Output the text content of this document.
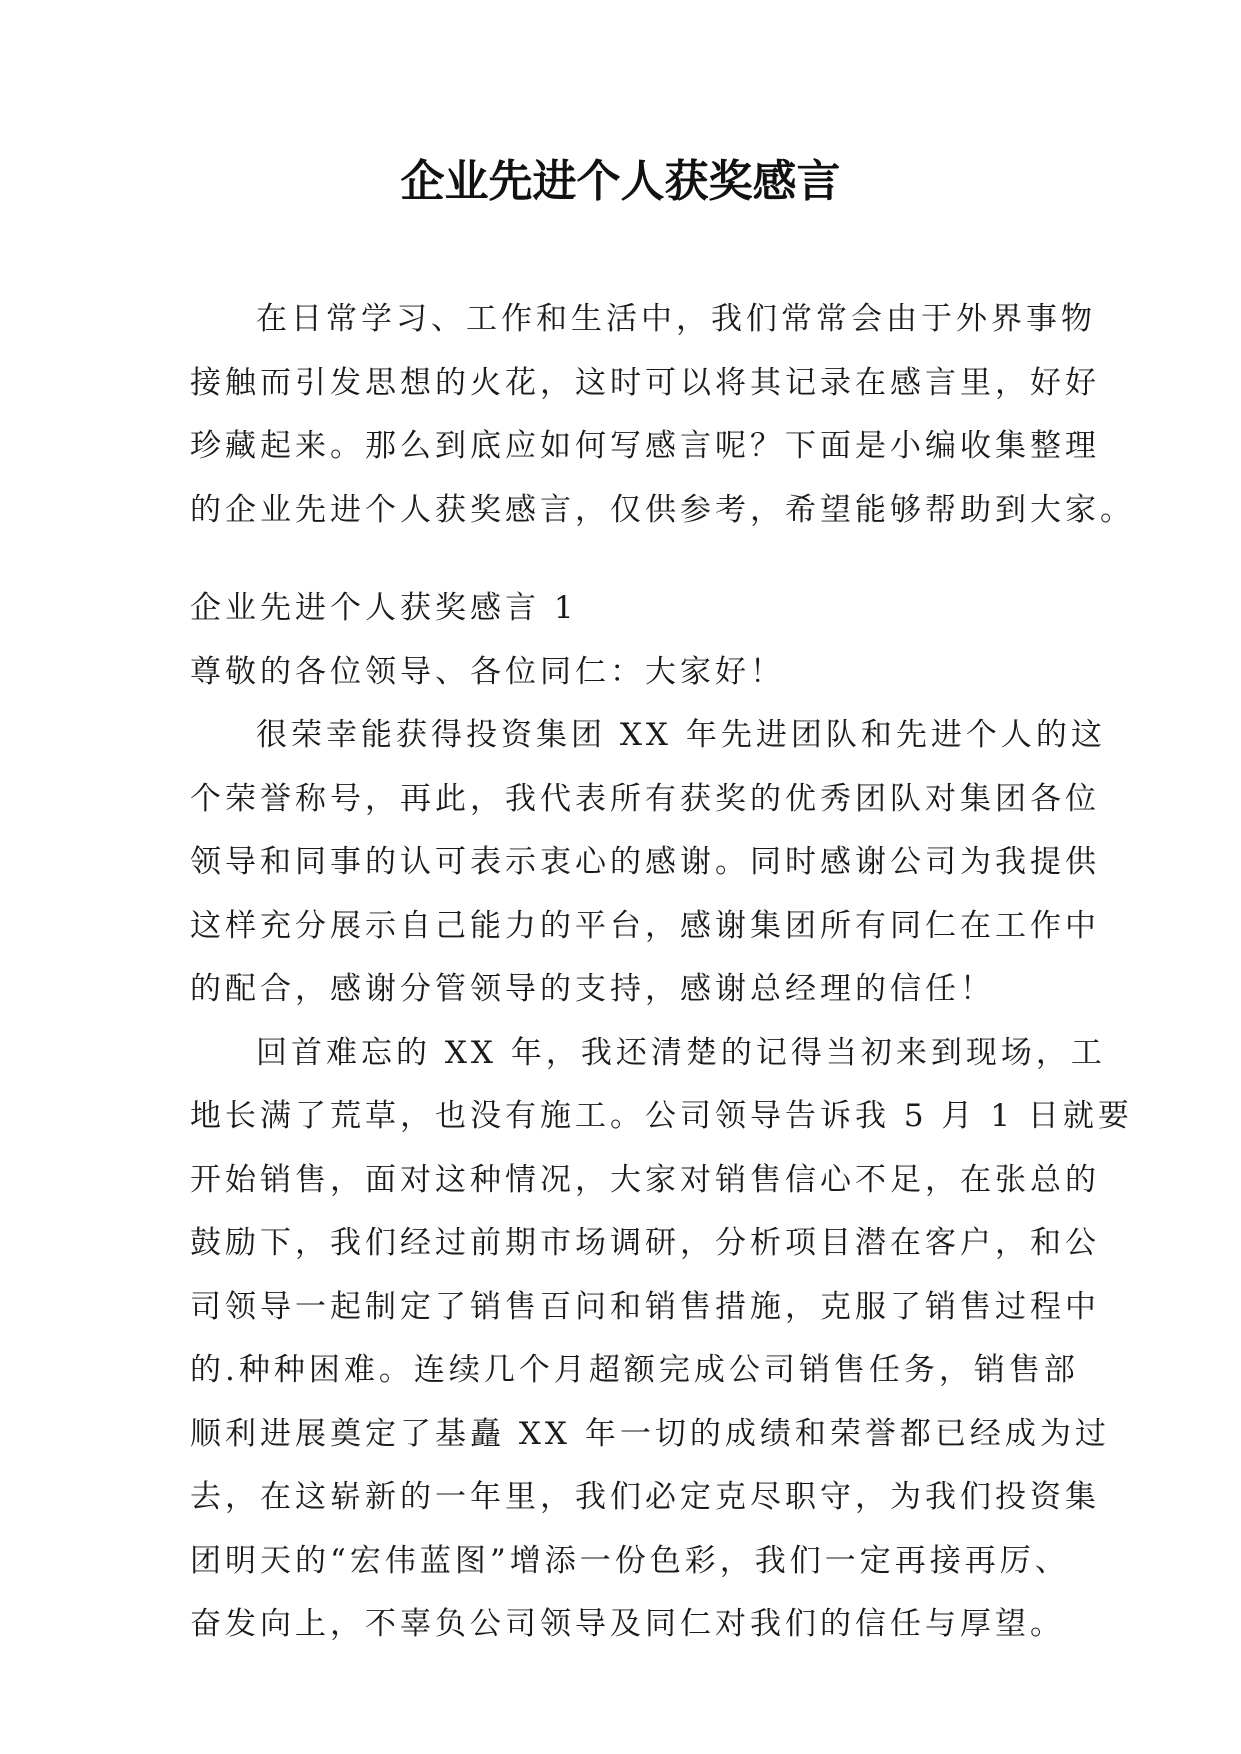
企业先进个人获奖感言
在日常学习、工作和生活中，我们常常会由于外界事物
接触而引发思想的火花，这时可以将其记录在感言里，好好
珍藏起来。那么到底应如何写感言呢？下面是小编收集整理
的企业先进个人获奖感言，仅供参考，希望能够帮助到大家。
企业先进个人获奖感言 1
尊敬的各位领导、各位同仁：大家好！
很荣幸能获得投资集团 XX 年先进团队和先进个人的这
个荣誉称号，再此，我代表所有获奖的优秀团队对集团各位
领导和同事的认可表示衷心的感谢。同时感谢公司为我提供
这样充分展示自己能力的平台，感谢集团所有同仁在工作中
的配合，感谢分管领导的支持，感谢总经理的信任！
回首难忘的 XX 年，我还清楚的记得当初来到现场，工
地长满了荒草，也没有施工。公司领导告诉我 5 月 1 日就要
开始销售，面对这种情况，大家对销售信心不足，在张总的
鼓励下，我们经过前期市场调研，分析项目潜在客户，和公
司领导一起制定了销售百问和销售措施，克服了销售过程中
的.种种困难。连续几个月超额完成公司销售任务，销售部
顺利进展奠定了基矗 XX 年一切的成绩和荣誉都已经成为过
去，在这崭新的一年里，我们必定克尽职守，为我们投资集
团明天的“宏伟蓝图”增添一份色彩，我们一定再接再厉、
奋发向上，不辜负公司领导及同仁对我们的信任与厚望。
